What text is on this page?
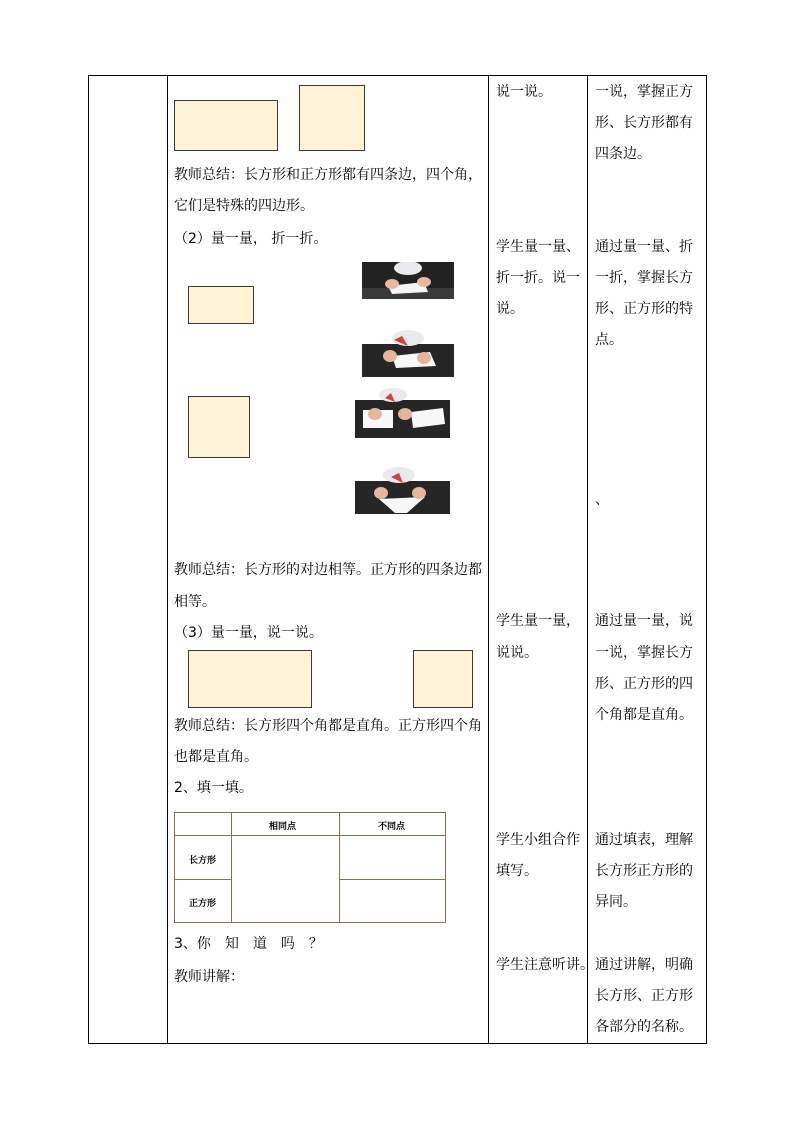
教师总结：长方形和正方形都有四条边，四个角，
它们是特殊的四边形。
（2）量一量， 折一折。
教师总结：长方形的对边相等。正方形的四条边都
相等。
（3）量一量，说一说。
教师总结：长方形四个角都是直角。正方形四个角
也都是直角。
2、填一填。
相同点	不同点
长方形
正方形
3、你　知　道　吗　？
教师讲解：
说一说。
学生量一量、
折一折。说一
说。
学生量一量，
说说。
学生小组合作
填写。
学生注意听讲。
一说，掌握正方
形、长方形都有
四条边。
通过量一量、折
一折，掌握长方
形、正方形的特
点。
、
通过量一量，说
一说，掌握长方
形、正方形的四
个角都是直角。
通过填表，理解
长方形正方形的
异同。
通过讲解，明确
长方形、正方形
各部分的名称。
